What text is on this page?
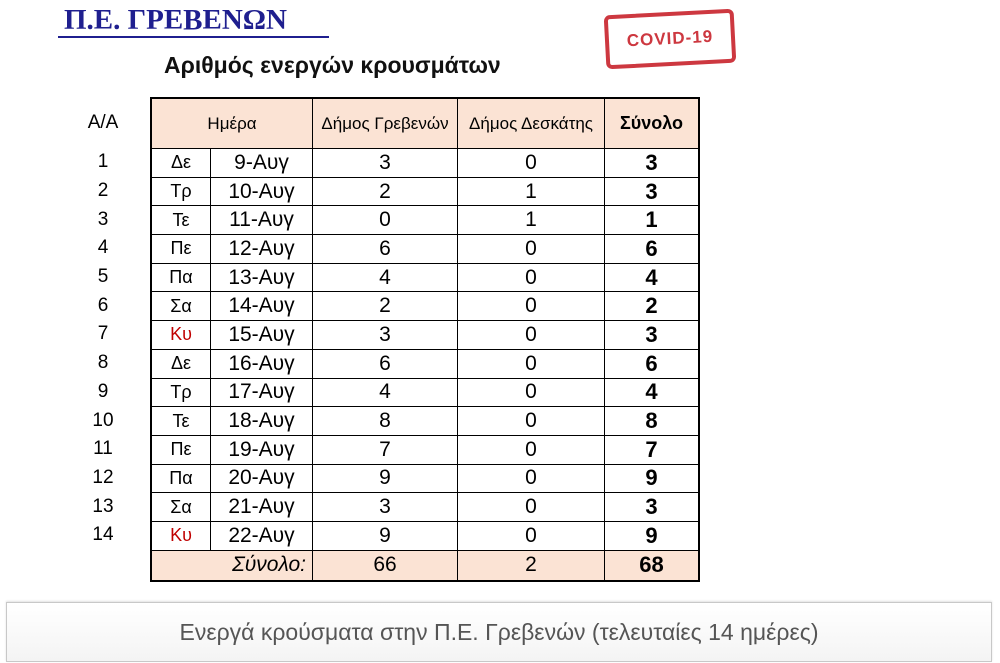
Π.Ε. ΓΡΕΒΕΝΩΝ
COVID-19
Αριθμός ενεργών κρουσμάτων
Α/Α
1
2
3
4
5
6
7
8
9
10
11
12
13
14
Ημέρα		Δήμος Γρεβενών	Δήμος Δεσκάτης	Σύνολο
Δε	9-Αυγ	3	0	3
Τρ	10-Αυγ	2	1	3
Τε	11-Αυγ	0	1	1
Πε	12-Αυγ	6	0	6
Πα	13-Αυγ	4	0	4
Σα	14-Αυγ	2	0	2
Κυ	15-Αυγ	3	0	3
Δε	16-Αυγ	6	0	6
Τρ	17-Αυγ	4	0	4
Τε	18-Αυγ	8	0	8
Πε	19-Αυγ	7	0	7
Πα	20-Αυγ	9	0	9
Σα	21-Αυγ	3	0	3
Κυ	22-Αυγ	9	0	9
Σύνολο:		66	2	68
Ενεργά κρούσματα στην Π.Ε. Γρεβενών (τελευταίες 14 ημέρες)
